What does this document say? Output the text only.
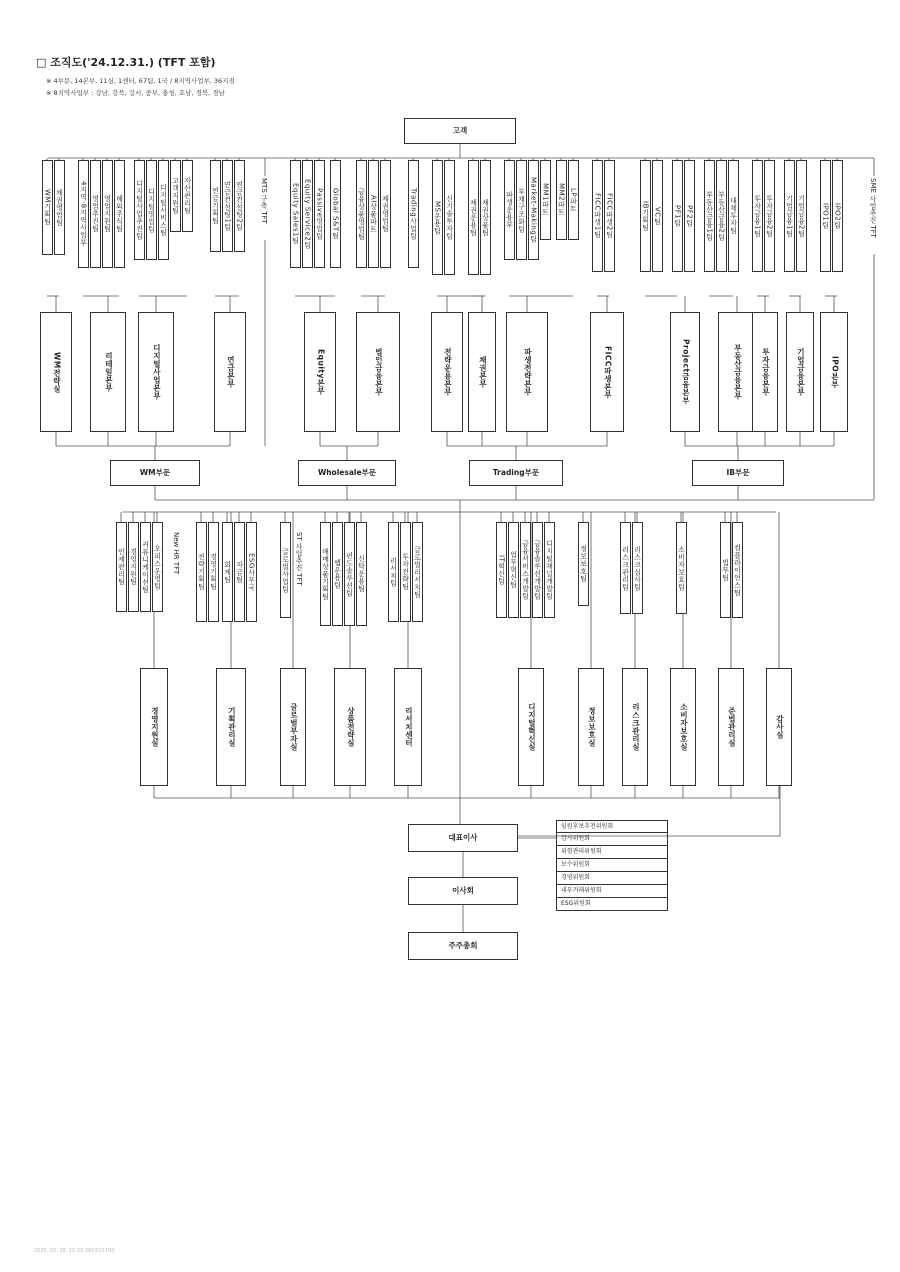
□ 조직도('24.12.31.) (TFT 포함)
※ 4부문, 14본부, 11실, 1센터, 67팀, 1국 / 8지역사업부, 36지점
※ 8지역사업부 : 강남, 강북, 강서, 중부, 충청, 호남, 경북, 경남
고객
WM기획팀 채권영업팀 4지역·8지역사업부 영업추진팀 영업지원팀 해외주식팀 디지털사업추진팀 디지털영업팀 디지털서비스팀 고객지원팀 자산관리팀	연금기획팀 연금컨설팅1팀 연금컨설팅2팀	Equity Sales1팀 Equity Service2팀 Passive영업팀 Global S&T팀	금융상품영업팀 AI상품파트 채권영업팀	Trading사업팀 MS운용팀 신기술투자팀 채권운용팀 채권상품팀 파생운용부 부채구조화팀 Market-Making팀 MM1파트 MM2파트 LP파트 FICC파생1팀 FICC파생2팀	IB기획팀 VC팀 PF1팀 PF2팀 부동산금융1팀 부동산금융2팀 대체투자팀 투자금융1팀 투자금융2팀 기업금융1팀 기업금융2팀 IPO1팀 IPO2팀
MTS 구축 TFT	SME 사업추진 TFT
WM전략실	리테일본부	디지털사업본부	연금본부	Equity본부	법인금융본부	전략운용본부	채권본부	파생전략본부	FICC파생본부	Project금융본부	부동산금융본부	투자금융본부	기업금융본부	IPO본부
WM부문	Wholesale부문	Trading부문	IB부문
인재관리팀 경영지원팀 커뮤니케이션팀 오피스운영팀	전략기획팀 경영기획팀 회계팀 자금팀 ESG사무국	글로벌사업팀	매매상품기획팀 랩운용팀 펀드솔루션팀 신탁운용팀	리서치팀 투자전략팀 글로벌리서치팀	IT혁신팀 업무혁신팀 금융서비스개발팀 금융솔루션개발팀 디지털채널개발팀	정보보호팀	리스크관리팀 리스크심사팀	소비자보호팀	법무팀 컴플라이언스팀
New HR TFT	ST 사업추진 TFT
경영지원실	기획관리실	글로벌부자실	상품전략실	리서치센터	디지털혁신실	정보보호실	리스크관리실	소비자보호실	준법관리실	감사실
대표이사
이사회
주주총회
임원후보추천위원회
감사위원회
위험관리위원회
보수위원회
경영위원회
내부거래위원회
ESG위원회
2025. 02. 28. 10:29 2603Q2100
